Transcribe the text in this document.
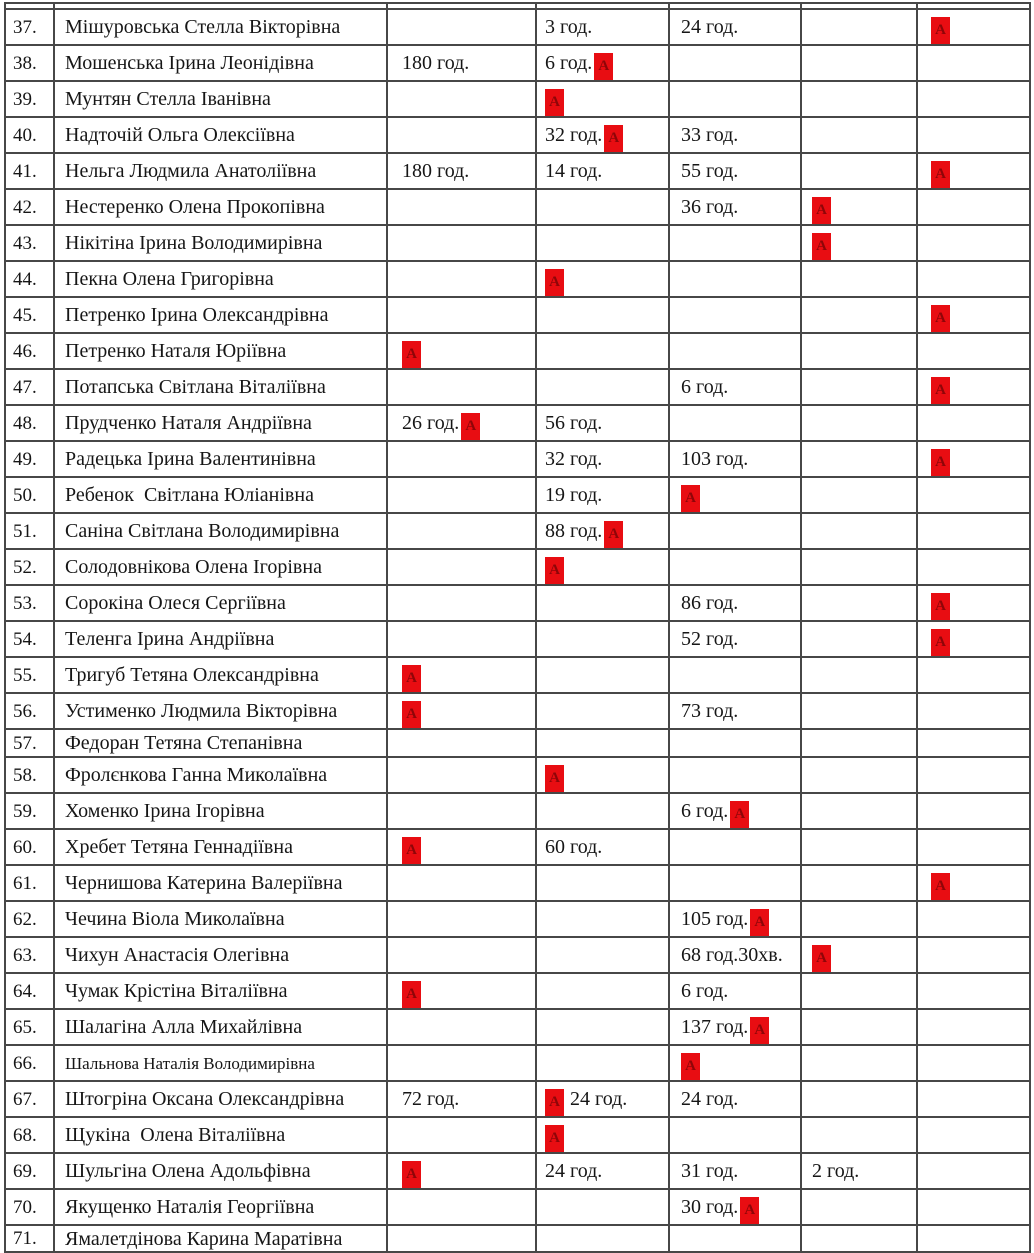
37.	Мішуровська Стелла Вікторівна		3 год.	24 год.		А

38.	Мошенська Ірина Леонідівна	180 год.	6 год. А			

39.	Мунтян Стелла Іванівна		А			

40.	Надточій Ольга Олексіївна		32 год. А	33 год.		

41.	Нельга Людмила Анатоліївна	180 год.	14 год.	55 год.		А

42.	Нестеренко Олена Прокопівна			36 год.	А	

43.	Нікітіна Ірина Володимирівна				А	

44.	Пекна Олена Григорівна		А			

45.	Петренко Ірина Олександрівна					А

46.	Петренко Наталя Юріївна	А				

47.	Потапська Світлана Віталіївна			6 год.		А

48.	Прудченко Наталя Андріївна	26 год. А	56 год.			

49.	Радецька Ірина Валентинівна		32 год.	103 год.		А

50.	Ребенок  Світлана Юліанівна		19 год.	А		

51.	Саніна Світлана Володимирівна		88 год. А			

52.	Солодовнікова Олена Ігорівна		А			

53.	Сорокіна Олеся Сергіївна			86 год.		А

54.	Теленга Ірина Андріївна			52 год.		А

55.	Тригуб Тетяна Олександрівна	А				

56.	Устименко Людмила Вікторівна	А		73 год.		

57.	Федоран Тетяна Степанівна					

58.	Фролєнкова Ганна Миколаївна		А			

59.	Хоменко Ірина Ігорівна			6 год. А		

60.	Хребет Тетяна Геннадіївна	А	60 год.			

61.	Чернишова Катерина Валеріївна					А

62.	Чечина Віола Миколаївна			105 год. А		

63.	Чихун Анастасія Олегівна			68 год.30хв.	А	

64.	Чумак Крістіна Віталіївна	А		6 год.		

65.	Шалагіна Алла Михайлівна			137 год. А		

66.	Шальнова Наталія Володимирівна			А		

67.	Штогріна Оксана Олександрівна	72 год.	А 24 год.	24 год.		

68.	Щукіна  Олена Віталіївна		А			

69.	Шульгіна Олена Адольфівна	А	24 год.	31 год.	2 год.	

70.	Якущенко Наталія Георгіївна			30 год. А		

71.	Ямалетдінова Карина Маратівна					
